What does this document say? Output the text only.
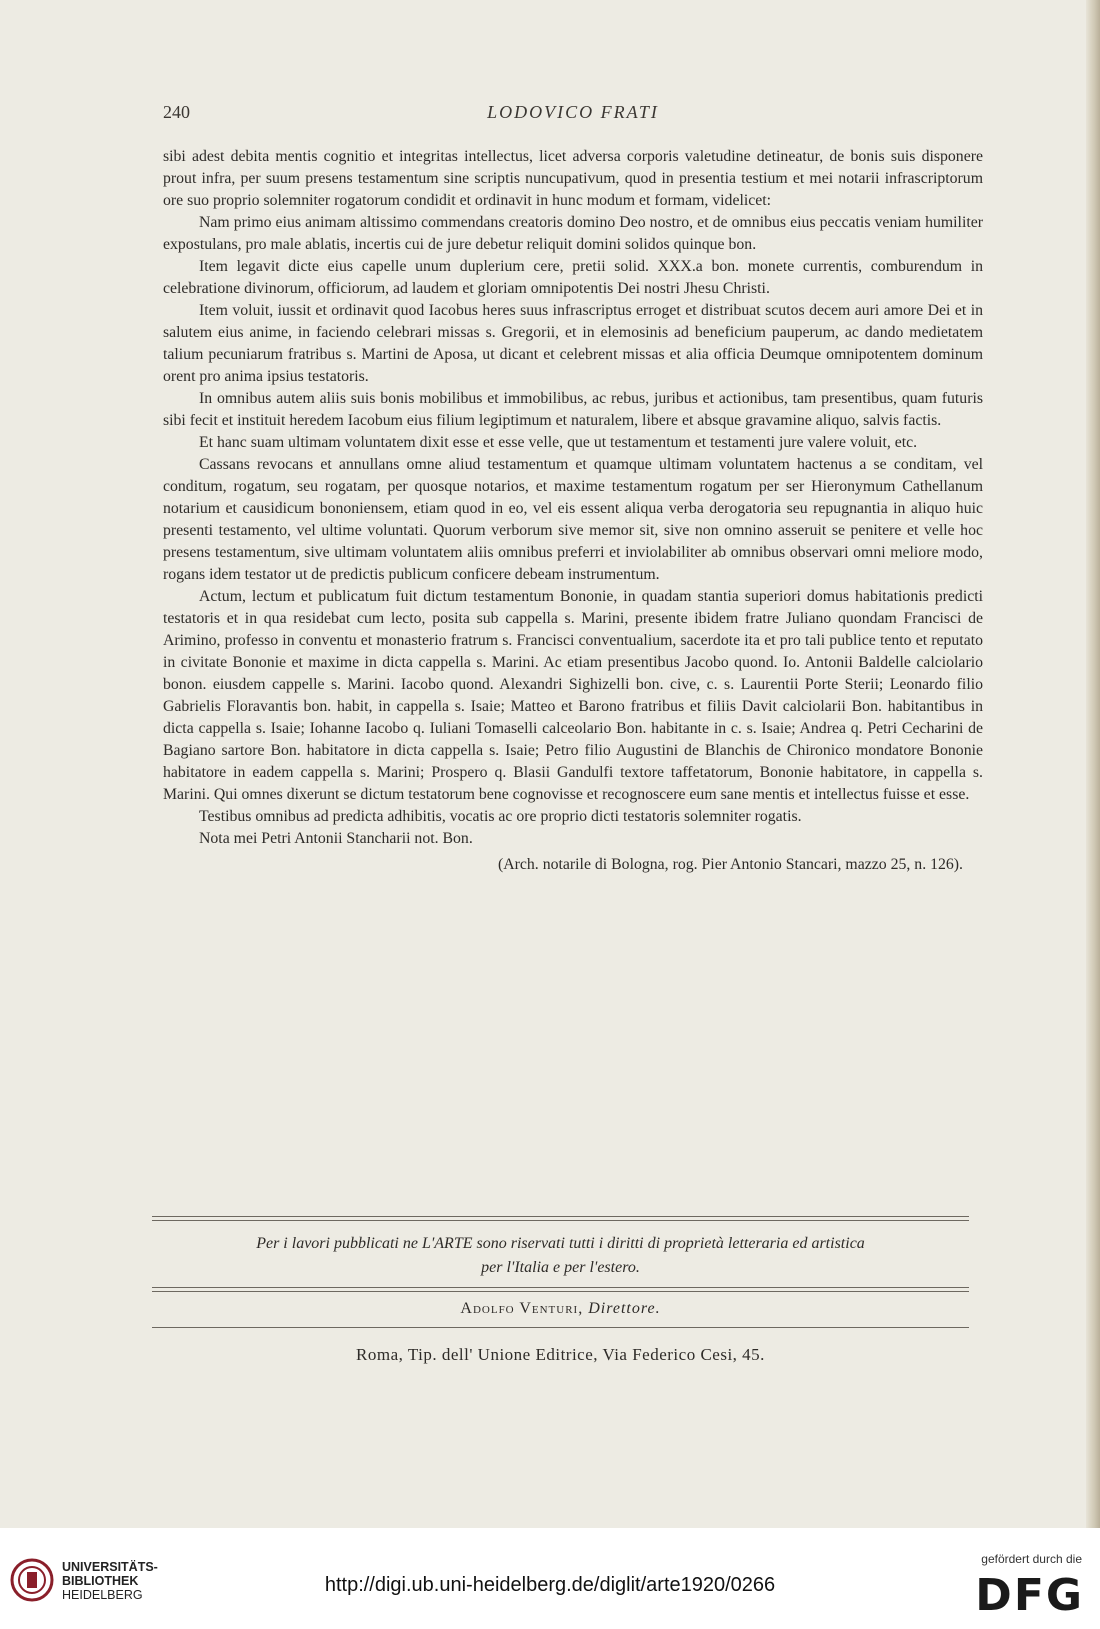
240	LODOVICO FRATI

sibi adest debita mentis cognitio et integritas intellectus, licet adversa corporis valetudine detineatur, de bonis suis disponere prout infra, per suum presens testamentum sine scriptis nuncupativum, quod in presentia testium et mei notarii infrascriptorum ore suo proprio solemniter rogatorum condidit et ordinavit in hunc modum et formam, videlicet:

Nam primo eius animam altissimo commendans creatoris domino Deo nostro, et de omnibus eius peccatis veniam humiliter expostulans, pro male ablatis, incertis cui de jure debetur reliquit domini solidos quinque bon.

Item legavit dicte eius capelle unum duplerium cere, pretii solid. XXX.a bon. monete currentis, comburendum in celebratione divinorum, officiorum, ad laudem et gloriam omnipotentis Dei nostri Jhesu Christi.

Item voluit, iussit et ordinavit quod Iacobus heres suus infrascriptus erroget et distribuat scutos decem auri amore Dei et in salutem eius anime, in faciendo celebrari missas s. Gregorii, et in elemosinis ad beneficium pauperum, ac dando medietatem talium pecuniarum fratribus s. Martini de Aposa, ut dicant et celebrent missas et alia officia Deumque omnipotentem dominum orent pro anima ipsius testatoris.

In omnibus autem aliis suis bonis mobilibus et immobilibus, ac rebus, juribus et actionibus, tam presentibus, quam futuris sibi fecit et instituit heredem Iacobum eius filium legiptimum et naturalem, libere et absque gravamine aliquo, salvis factis.

Et hanc suam ultimam voluntatem dixit esse et esse velle, que ut testamentum et testamenti jure valere voluit, etc.

Cassans revocans et annullans omne aliud testamentum et quamque ultimam voluntatem hactenus a se conditam, vel conditum, rogatum, seu rogatam, per quosque notarios, et maxime testamentum rogatum per ser Hieronymum Cathellanum notarium et causidicum bononiensem, etiam quod in eo, vel eis essent aliqua verba derogatoria seu repugnantia in aliquo huic presenti testamento, vel ultime voluntati. Quorum verborum sive memor sit, sive non omnino asseruit se penitere et velle hoc presens testamentum, sive ultimam voluntatem aliis omnibus preferri et inviolabiliter ab omnibus observari omni meliore modo, rogans idem testator ut de predictis publicum conficere debeam instrumentum.

Actum, lectum et publicatum fuit dictum testamentum Bononie, in quadam stantia superiori domus habitationis predicti testatoris et in qua residebat cum lecto, posita sub cappella s. Marini, presente ibidem fratre Juliano quondam Francisci de Arimino, professo in conventu et monasterio fratrum s. Francisci conventualium, sacerdote ita et pro tali publice tento et reputato in civitate Bononie et maxime in dicta cappella s. Marini. Ac etiam presentibus Jacobo quond. Io. Antonii Baldelle calciolario bonon. eiusdem cappelle s. Marini. Iacobo quond. Alexandri Sighizelli bon. cive, c. s. Laurentii Porte Sterii; Leonardo filio Gabrielis Floravantis bon. habit, in cappella s. Isaie; Matteo et Barono fratribus et filiis Davit calciolarii Bon. habitantibus in dicta cappella s. Isaie; Iohanne Iacobo q. Iuliani Tomaselli calceolario Bon. habitante in c. s. Isaie; Andrea q. Petri Cecharini de Bagiano sartore Bon. habitatore in dicta cappella s. Isaie; Petro filio Augustini de Blanchis de Chironico mondatore Bononie habitatore in eadem cappella s. Marini; Prospero q. Blasii Gandulfi textore taffetatorum, Bononie habitatore, in cappella s. Marini. Qui omnes dixerunt se dictum testatorum bene cognovisse et recognoscere eum sane mentis et intellectus fuisse et esse.

Testibus omnibus ad predicta adhibitis, vocatis ac ore proprio dicti testatoris solemniter rogatis.

Nota mei Petri Antonii Stancharii not. Bon.

(Arch. notarile di Bologna, rog. Pier Antonio Stancari, mazzo 25, n. 126).

Per i lavori pubblicati ne L'ARTE sono riservati tutti i diritti di proprietà letteraria ed artistica
per l'Italia e per l'estero.
Adolfo Venturi, Direttore.
Roma, Tip. dell' Unione Editrice, Via Federico Cesi, 45.
UNIVERSITÄTS-
BIBLIOTHEK
HEIDELBERG	http://digi.ub.uni-heidelberg.de/diglit/arte1920/0266
gefördert durch die
DFG
